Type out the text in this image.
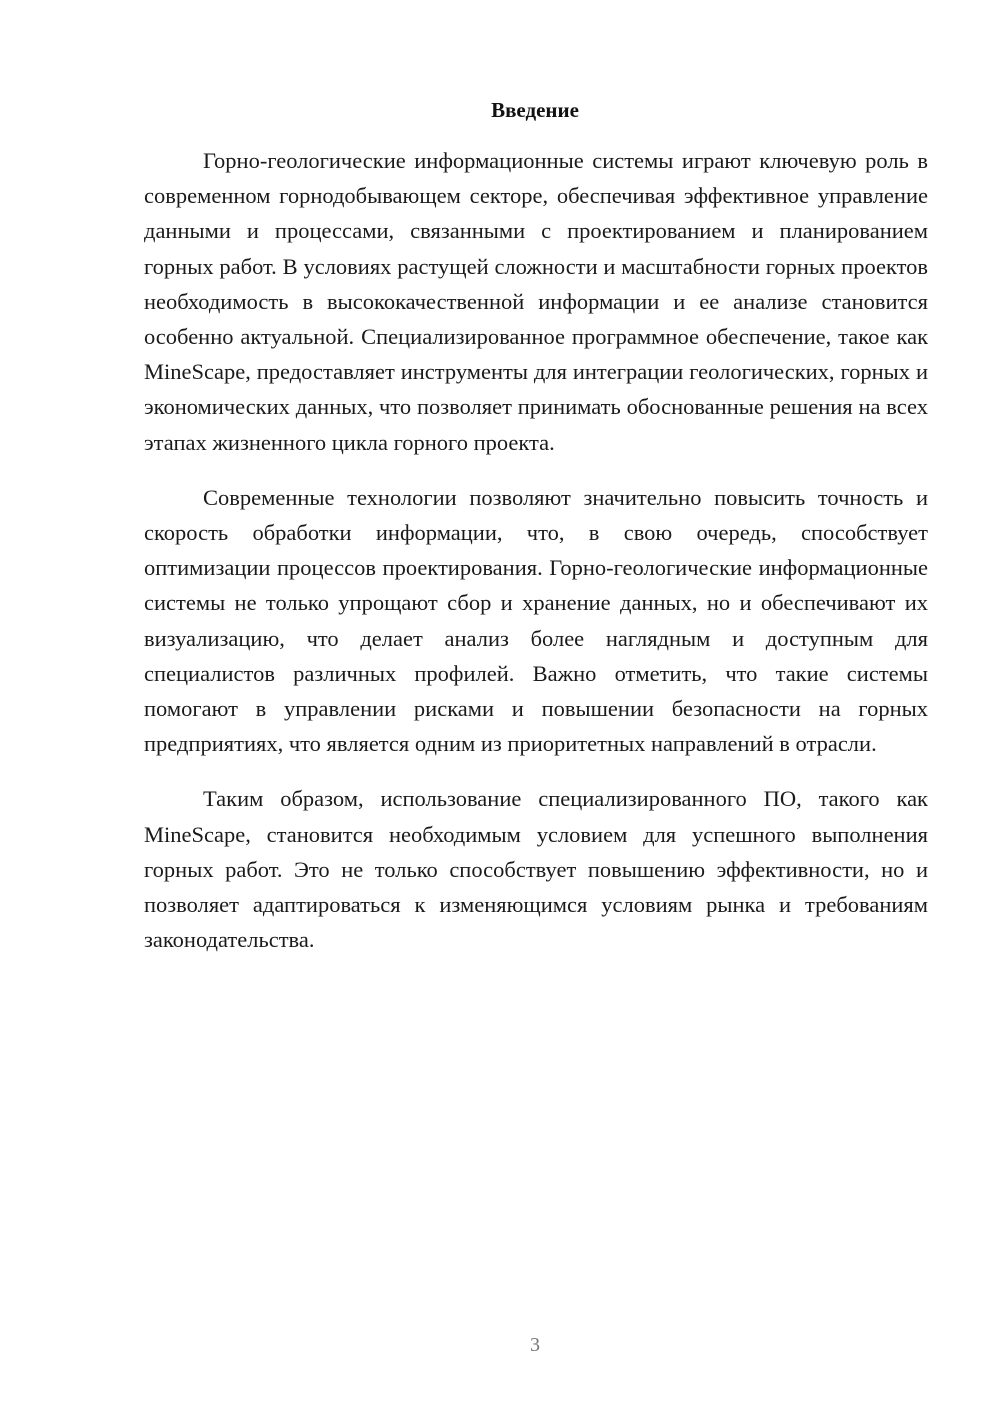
Введение

Горно-геологические информационные системы играют ключевую роль в современном горнодобывающем секторе, обеспечивая эффективное управление данными и процессами, связанными с проектированием и планированием горных работ. В условиях растущей сложности и масштабности горных проектов необходимость в высококачественной информации и ее анализе становится особенно актуальной. Специализированное программное обеспечение, такое как MineScape, предоставляет инструменты для интеграции геологических, горных и экономических данных, что позволяет принимать обоснованные решения на всех этапах жизненного цикла горного проекта.

Современные технологии позволяют значительно повысить точность и скорость обработки информации, что, в свою очередь, способствует оптимизации процессов проектирования. Горно-геологические информационные системы не только упрощают сбор и хранение данных, но и обеспечивают их визуализацию, что делает анализ более наглядным и доступным для специалистов различных профилей. Важно отметить, что такие системы помогают в управлении рисками и повышении безопасности на горных предприятиях, что является одним из приоритетных направлений в отрасли.

Таким образом, использование специализированного ПО, такого как MineScape, становится необходимым условием для успешного выполнения горных работ. Это не только способствует повышению эффективности, но и позволяет адаптироваться к изменяющимся условиям рынка и требованиям законодательства.

3
